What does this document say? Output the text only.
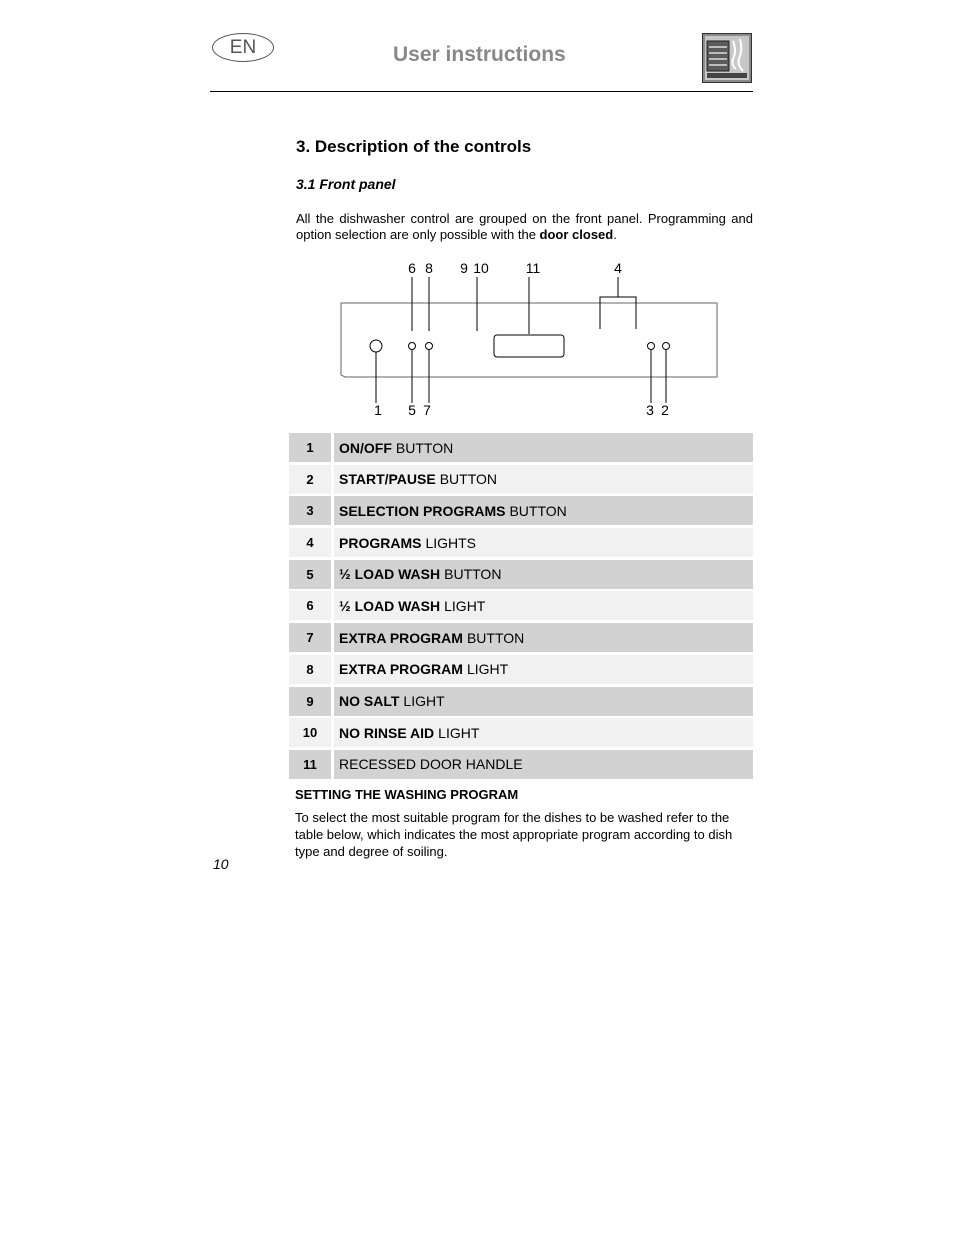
EN	User instructions
3. Description of the controls
3.1 Front panel
All the dishwasher control are grouped on the front panel. Programming and option selection are only possible with the door closed.
6 8 9 10	11	4
1 5 7	3 2
1	ON/OFF BUTTON
2	START/PAUSE BUTTON
3	SELECTION PROGRAMS BUTTON
4	PROGRAMS LIGHTS
5	½ LOAD WASH BUTTON
6	½ LOAD WASH LIGHT
7	EXTRA PROGRAM BUTTON
8	EXTRA PROGRAM LIGHT
9	NO SALT LIGHT
10	NO RINSE AID LIGHT
11	RECESSED DOOR HANDLE
SETTING THE WASHING PROGRAM
To select the most suitable program for the dishes to be washed refer to the table below, which indicates the most appropriate program according to dish type and degree of soiling.
10
